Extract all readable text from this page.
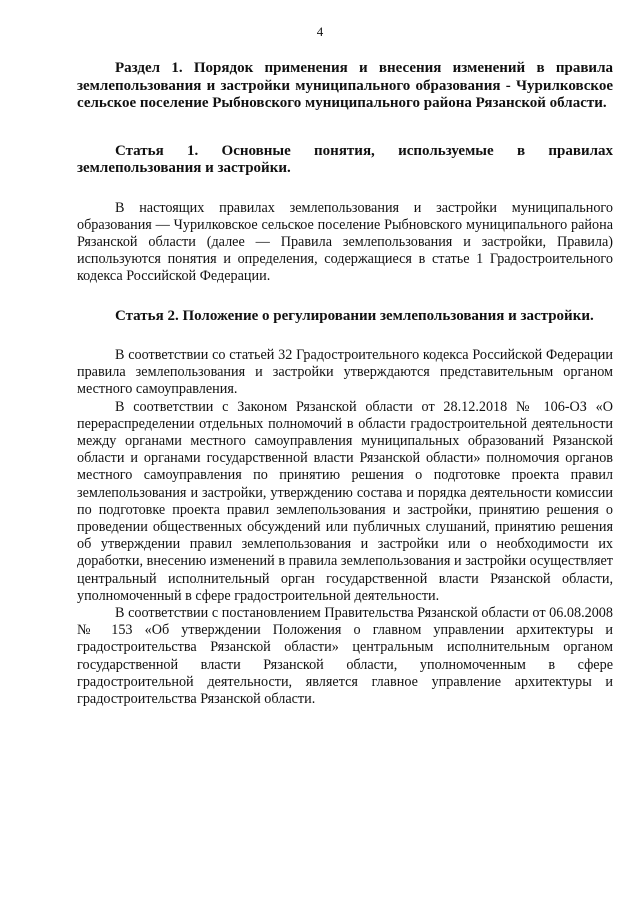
4

Раздел 1. Порядок применения и внесения изменений в правила землепользования и застройки муниципального образования - Чурилковское сельское поселение Рыбновского муниципального района Рязанской области.

Статья 1. Основные понятия, используемые в правилах землепользования и застройки.

В настоящих правилах землепользования и застройки муниципального образования — Чурилковское сельское поселение Рыбновского муниципального района Рязанской области (далее — Правила землепользования и застройки, Правила) используются понятия и определения, содержащиеся в статье 1 Градостроительного кодекса Российской Федерации.

Статья 2. Положение о регулировании землепользования и застройки.

В соответствии со статьей 32 Градостроительного кодекса Российской Федерации правила землепользования и застройки утверждаются представительным органом местного самоуправления.

В соответствии с Законом Рязанской области от 28.12.2018 № 106-ОЗ «О перераспределении отдельных полномочий в области градостроительной деятельности между органами местного самоуправления муниципальных образований Рязанской области и органами государственной власти Рязанской области» полномочия органов местного самоуправления по принятию решения о подготовке проекта правил землепользования и застройки, утверждению состава и порядка деятельности комиссии по подготовке проекта правил землепользования и застройки, принятию решения о проведении общественных обсуждений или публичных слушаний, принятию решения об утверждении правил землепользования и застройки или о необходимости их доработки, внесению изменений в правила землепользования и застройки осуществляет центральный исполнительный орган государственной власти Рязанской области, уполномоченный в сфере градостроительной деятельности.

В соответствии с постановлением Правительства Рязанской области от 06.08.2008 № 153 «Об утверждении Положения о главном управлении архитектуры и градостроительства Рязанской области» центральным исполнительным органом государственной власти Рязанской области, уполномоченным в сфере градостроительной деятельности, является главное управление архитектуры и градостроительства Рязанской области.
